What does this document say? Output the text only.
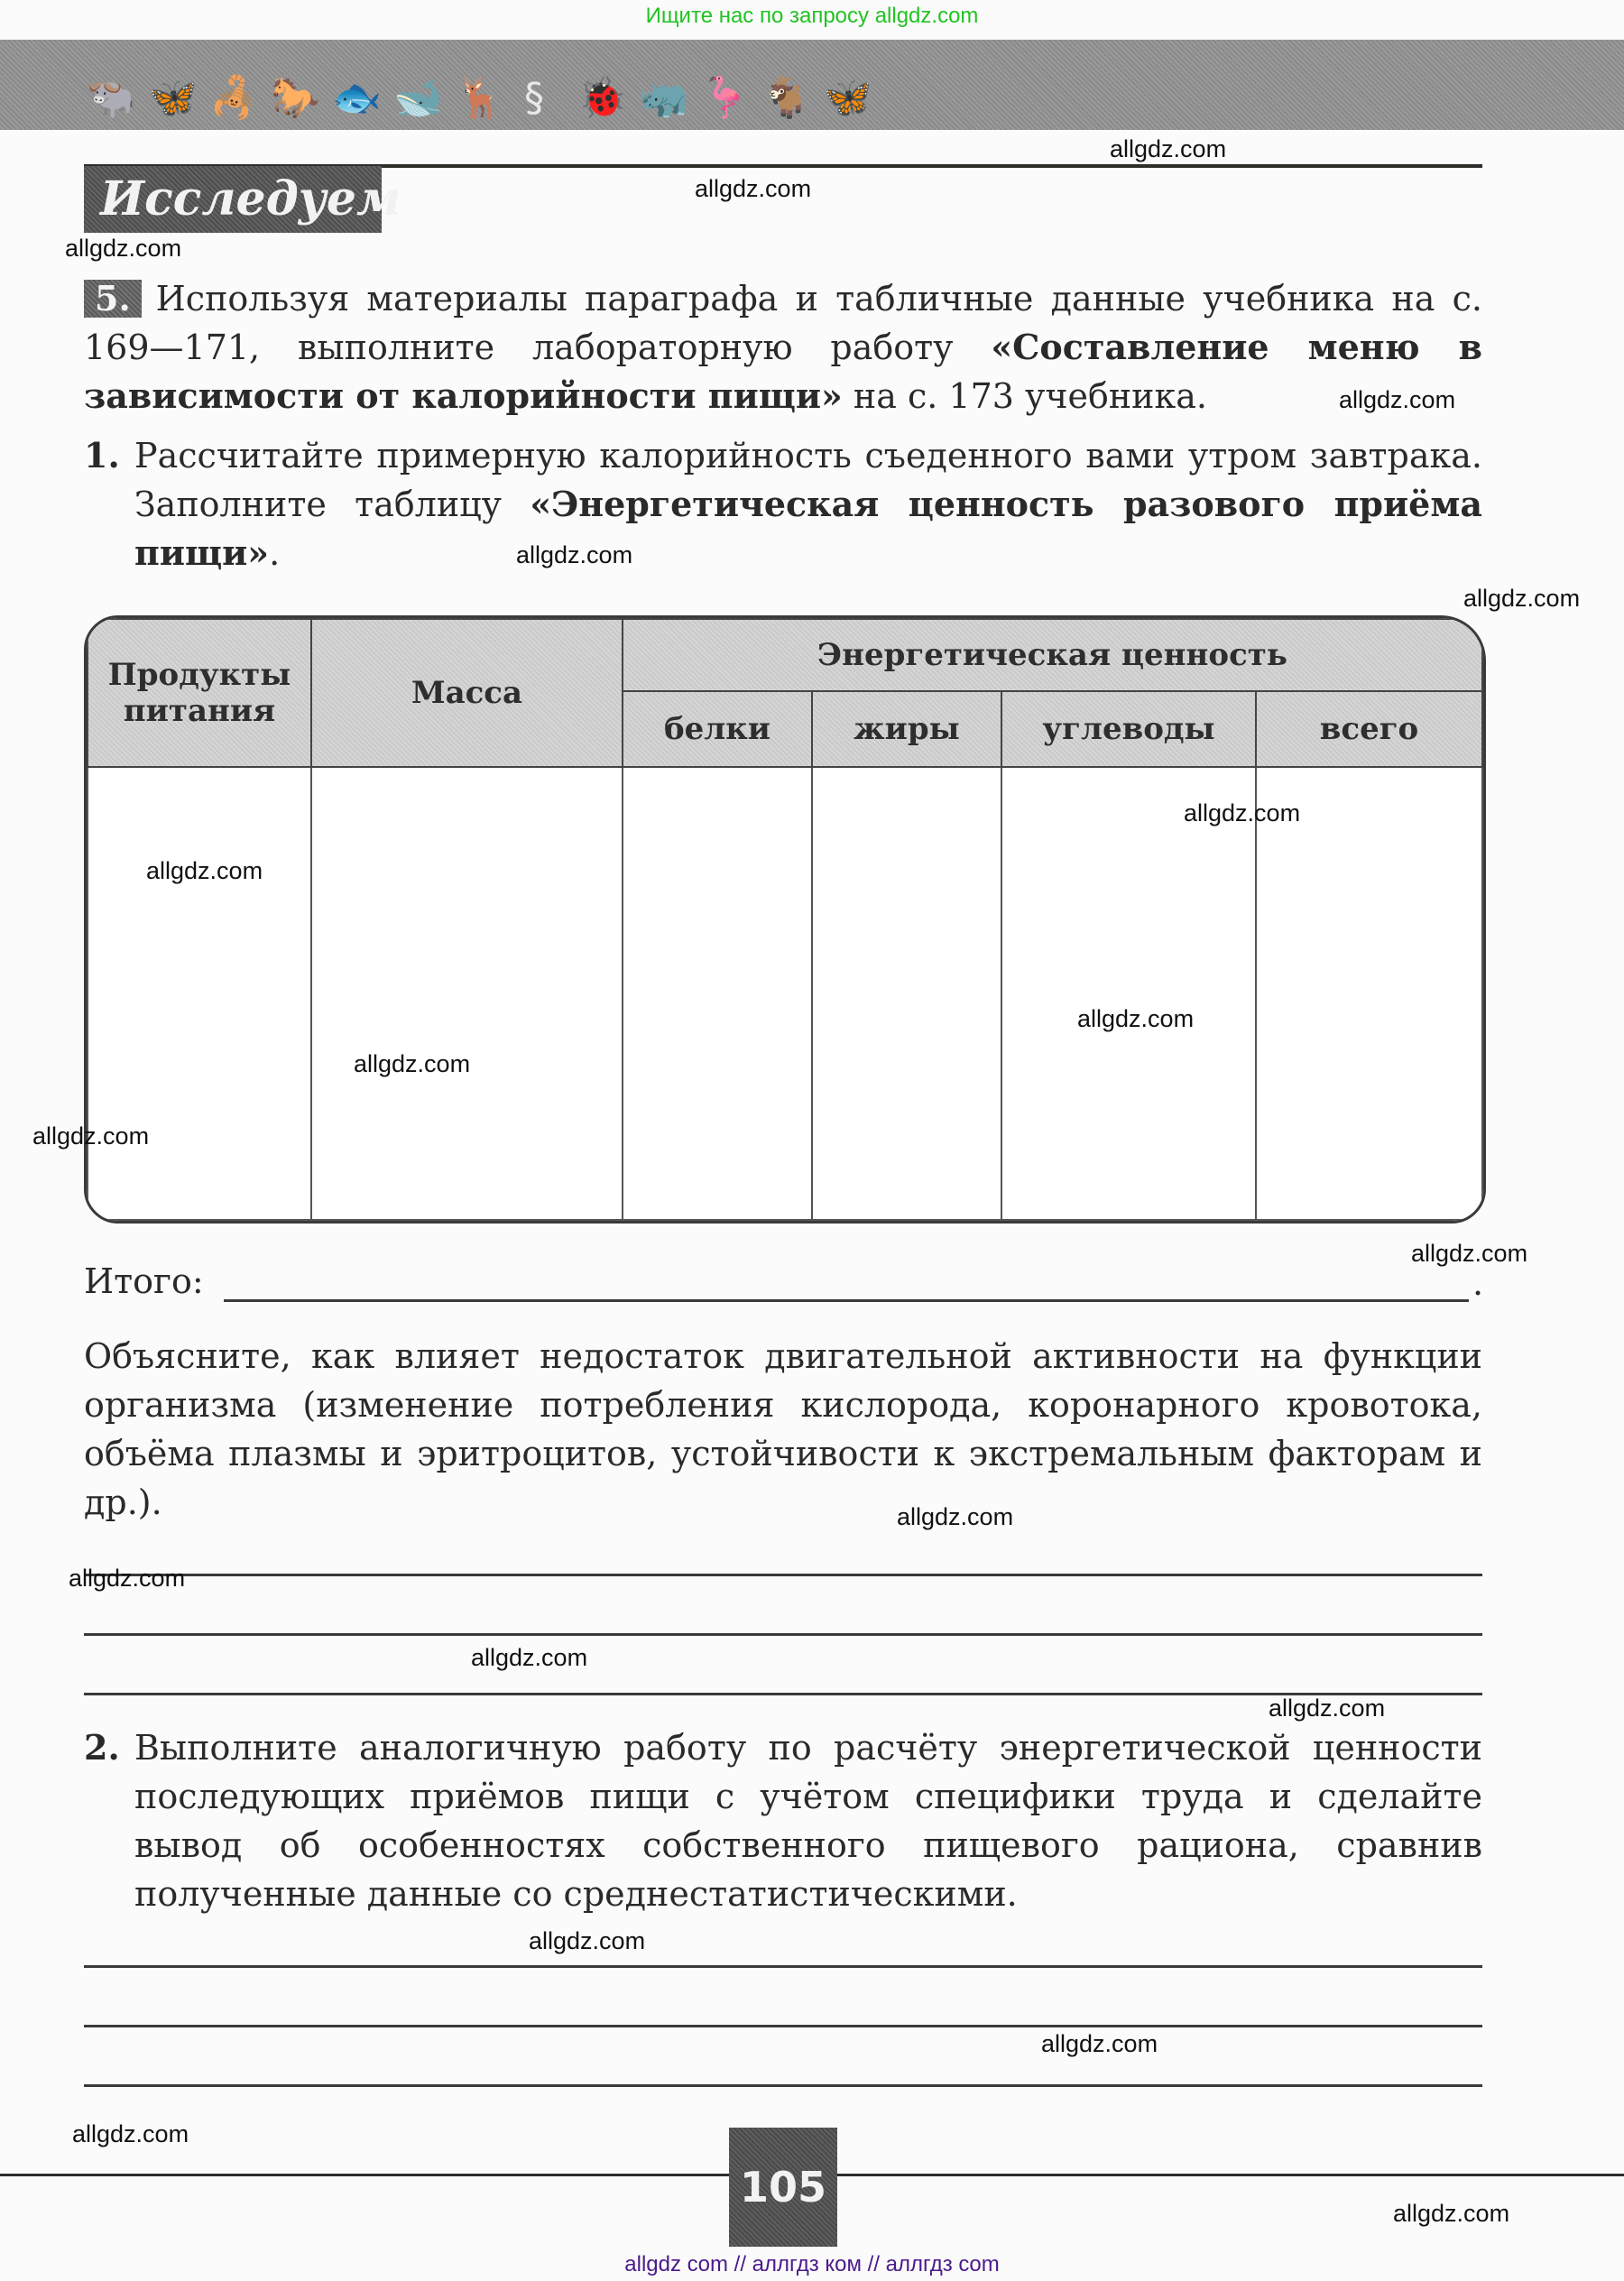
Ищите нас по запросу allgdz.com
🐃 🦋 🦂 🐎 🐟 🐋 🦌 § 🐞 🦏 🦩 🐐 🦋
Исследуем
5. Используя материалы параграфа и табличные данные учебника на с. 169—171, выполните лабораторную работу «Составление меню в зависимости от калорийности пищи» на с. 173 учебника.
1. Рассчитайте примерную калорийность съеденного вами утром завтрака. Заполните таблицу «Энергетическая ценность разового приёма пищи».
Продукты питания	Масса	Энергетическая ценность			
		белки	жиры	углеводы	всего

Итого:	.
Объясните, как влияет недостаток двигательной активности на функции организма (изменение потребления кислорода, коронарного кровотока, объёма плазмы и эритроцитов, устойчивости к экстремальным факторам и др.).
2. Выполните аналогичную работу по расчёту энергетической ценности последующих приёмов пищи с учётом специфики труда и сделайте вывод об особенностях собственного пищевого рациона, сравнив полученные данные со среднестатистическими.
105
allgdz.com
allgdz.com
allgdz.com
allgdz.com
allgdz.com
allgdz.com
allgdz.com
allgdz.com
allgdz.com
allgdz.com
allgdz.com
allgdz.com
allgdz.com
allgdz.com
allgdz.com
allgdz.com
allgdz.com
allgdz.com
allgdz.com
allgdz.com
allgdz com // аллгдз ком // аллгдз com
